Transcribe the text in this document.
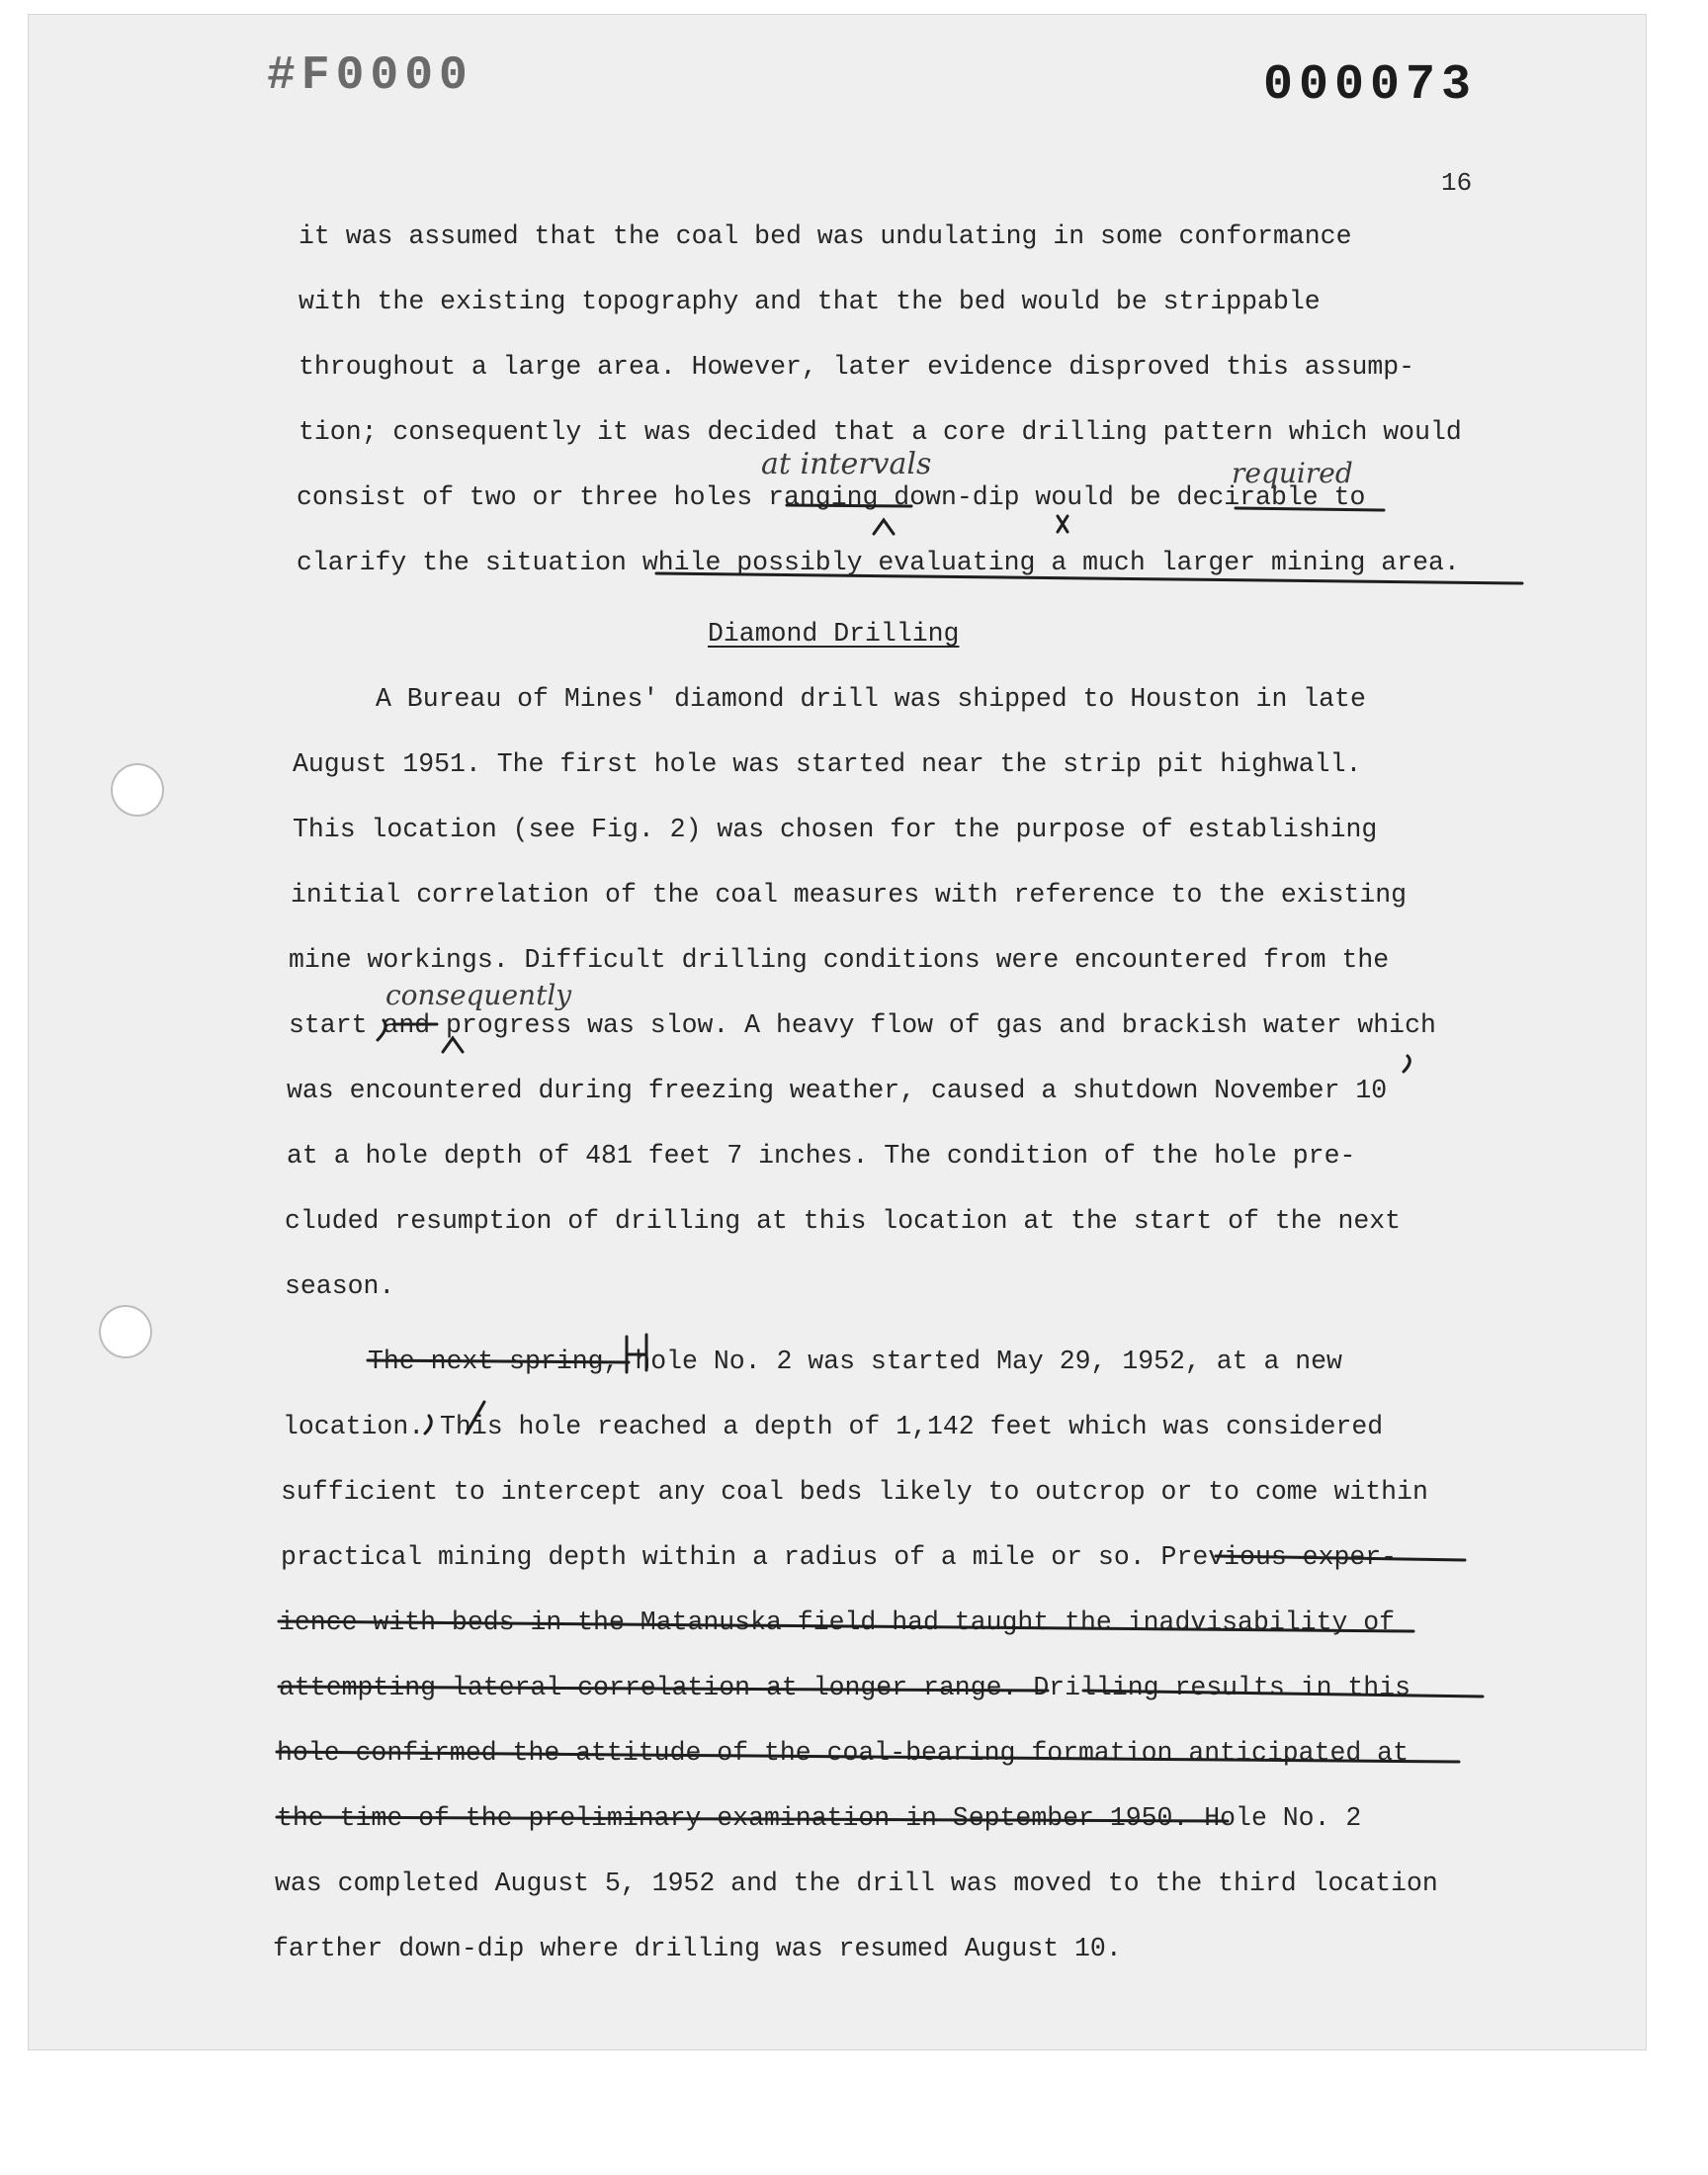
#F0000	000073
16
it was assumed that the coal bed was undulating in some conformance
with the existing topography and that the bed would be strippable
throughout a large area. However, later evidence disproved this assump-
tion; consequently it was decided that a core drilling pattern which would
consist of two or three holes ranging down-dip would be decirable to
clarify the situation while possibly evaluating a much larger mining area.
Diamond Drilling
A Bureau of Mines' diamond drill was shipped to Houston in late
August 1951. The first hole was started near the strip pit highwall.
This location (see Fig. 2) was chosen for the purpose of establishing
initial correlation of the coal measures with reference to the existing
mine workings. Difficult drilling conditions were encountered from the
start and progress was slow. A heavy flow of gas and brackish water which
was encountered during freezing weather, caused a shutdown November 10
at a hole depth of 481 feet 7 inches. The condition of the hole pre-
cluded resumption of drilling at this location at the start of the next
season.
The next spring, hole No. 2 was started May 29, 1952, at a new
location. This hole reached a depth of 1,142 feet which was considered
sufficient to intercept any coal beds likely to outcrop or to come within
practical mining depth within a radius of a mile or so. Previous exper-
ience with beds in the Matanuska field had taught the inadvisability of
attempting lateral correlation at longer range. Drilling results in this
hole confirmed the attitude of the coal-bearing formation anticipated at
the time of the preliminary examination in September 1950. Hole No. 2
was completed August 5, 1952 and the drill was moved to the third location
farther down-dip where drilling was resumed August 10.
at intervals	required
consequently
